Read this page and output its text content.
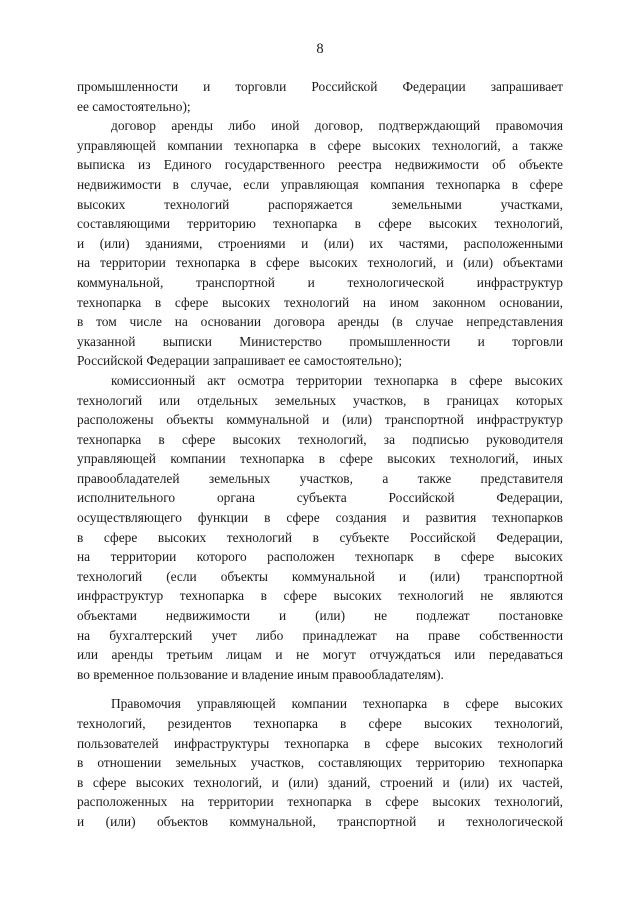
8

промышленности и торговли Российской Федерации запрашивает
ее самостоятельно);

договор аренды либо иной договор, подтверждающий правомочия
управляющей компании технопарка в сфере высоких технологий, а также
выписка из Единого государственного реестра недвижимости об объекте
недвижимости в случае, если управляющая компания технопарка в сфере
высоких технологий распоряжается земельными участками,
составляющими территорию технопарка в сфере высоких технологий,
и (или) зданиями, строениями и (или) их частями, расположенными
на территории технопарка в сфере высоких технологий, и (или) объектами
коммунальной, транспортной и технологической инфраструктур
технопарка в сфере высоких технологий на ином законном основании,
в том числе на основании договора аренды (в случае непредставления
указанной выписки Министерство промышленности и торговли
Российской Федерации запрашивает ее самостоятельно);

комиссионный акт осмотра территории технопарка в сфере высоких
технологий или отдельных земельных участков, в границах которых
расположены объекты коммунальной и (или) транспортной инфраструктур
технопарка в сфере высоких технологий, за подписью руководителя
управляющей компании технопарка в сфере высоких технологий, иных
правообладателей земельных участков, а также представителя
исполнительного органа субъекта Российской Федерации,
осуществляющего функции в сфере создания и развития технопарков
в сфере высоких технологий в субъекте Российской Федерации,
на территории которого расположен технопарк в сфере высоких
технологий (если объекты коммунальной и (или) транспортной
инфраструктур технопарка в сфере высоких технологий не являются
объектами недвижимости и (или) не подлежат постановке
на бухгалтерский учет либо принадлежат на праве собственности
или аренды третьим лицам и не могут отчуждаться или передаваться
во временное пользование и владение иным правообладателям).

Правомочия управляющей компании технопарка в сфере высоких
технологий, резидентов технопарка в сфере высоких технологий,
пользователей инфраструктуры технопарка в сфере высоких технологий
в отношении земельных участков, составляющих территорию технопарка
в сфере высоких технологий, и (или) зданий, строений и (или) их частей,
расположенных на территории технопарка в сфере высоких технологий,
и (или) объектов коммунальной, транспортной и технологической
